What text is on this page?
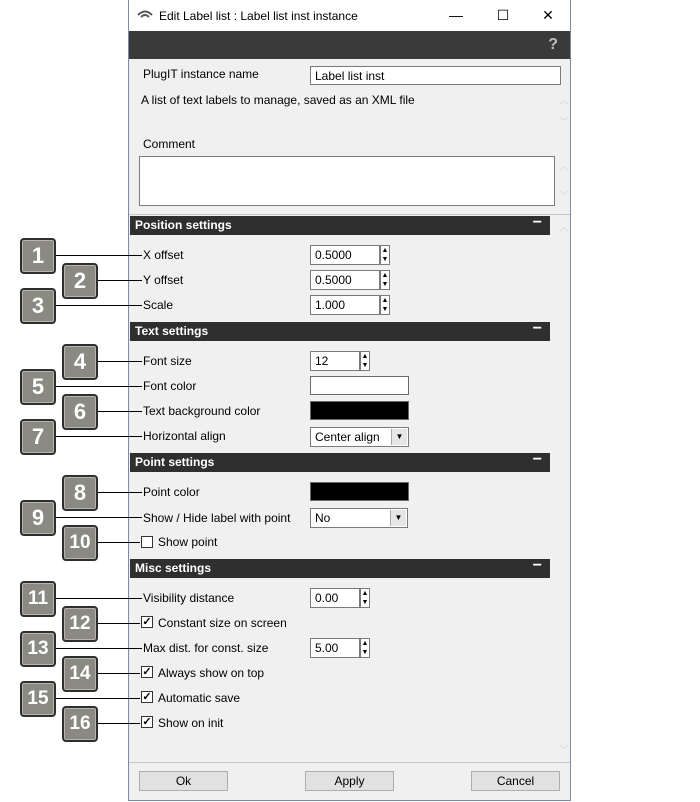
Edit Label list : Label list inst instance	—	☐	✕
?
PlugIT instance name	Label list inst
A list of text labels to manage, saved as an XML file	︿
﹀
Comment
︿
﹀
︿
﹀
Position settings	−
X offset	0.5000	▲
▼
Y offset	0.5000	▲
▼
Scale	1.000	▲
▼
Text settings	−
Font size	12	▲
▼
Font color
Text background color
Horizontal align	Center align	▼
Point settings	−
Point color
Show / Hide label with point	No	▼
Show point
Misc settings	−
Visibility distance	0.00	▲
▼
✓ Constant size on screen
Max dist. for const. size	5.00	▲
▼
✓ Always show on top
✓ Automatic save
✓ Show on init
Ok	Apply	Cancel
1
2
3
4
5
6
7
8
9
10
11
12
13
14
15
16
